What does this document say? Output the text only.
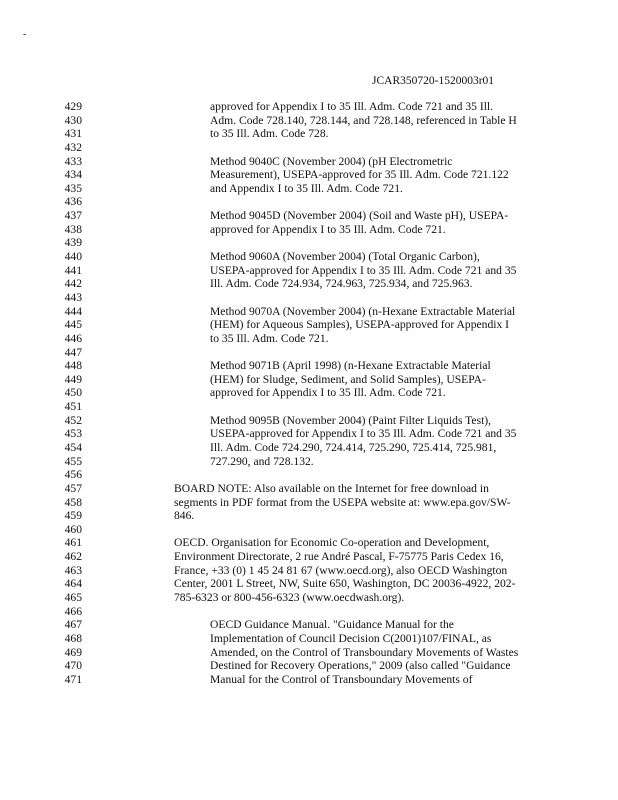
-
JCAR350720-1520003r01
429	approved for Appendix I to 35 Ill. Adm. Code 721 and 35 Ill.
430	Adm. Code 728.140, 728.144, and 728.148, referenced in Table H
431	to 35 Ill. Adm. Code 728.
432
433	Method 9040C (November 2004) (pH Electrometric
434	Measurement), USEPA-approved for 35 Ill. Adm. Code 721.122
435	and Appendix I to 35 Ill. Adm. Code 721.
436
437	Method 9045D (November 2004) (Soil and Waste pH), USEPA-
438	approved for Appendix I to 35 Ill. Adm. Code 721.
439
440	Method 9060A (November 2004) (Total Organic Carbon),
441	USEPA-approved for Appendix I to 35 Ill. Adm. Code 721 and 35
442	Ill. Adm. Code 724.934, 724.963, 725.934, and 725.963.
443
444	Method 9070A (November 2004) (n-Hexane Extractable Material
445	(HEM) for Aqueous Samples), USEPA-approved for Appendix I
446	to 35 Ill. Adm. Code 721.
447
448	Method 9071B (April 1998) (n-Hexane Extractable Material
449	(HEM) for Sludge, Sediment, and Solid Samples), USEPA-
450	approved for Appendix I to 35 Ill. Adm. Code 721.
451
452	Method 9095B (November 2004) (Paint Filter Liquids Test),
453	USEPA-approved for Appendix I to 35 Ill. Adm. Code 721 and 35
454	Ill. Adm. Code 724.290, 724.414, 725.290, 725.414, 725.981,
455	727.290, and 728.132.
456
457	BOARD NOTE: Also available on the Internet for free download in
458	segments in PDF format from the USEPA website at: www.epa.gov/SW-
459	846.
460
461	OECD. Organisation for Economic Co-operation and Development,
462	Environment Directorate, 2 rue André Pascal, F-75775 Paris Cedex 16,
463	France, +33 (0) 1 45 24 81 67 (www.oecd.org), also OECD Washington
464	Center, 2001 L Street, NW, Suite 650, Washington, DC 20036-4922, 202-
465	785-6323 or 800-456-6323 (www.oecdwash.org).
466
467	OECD Guidance Manual. "Guidance Manual for the
468	Implementation of Council Decision C(2001)107/FINAL, as
469	Amended, on the Control of Transboundary Movements of Wastes
470	Destined for Recovery Operations," 2009 (also called "Guidance
471	Manual for the Control of Transboundary Movements of
